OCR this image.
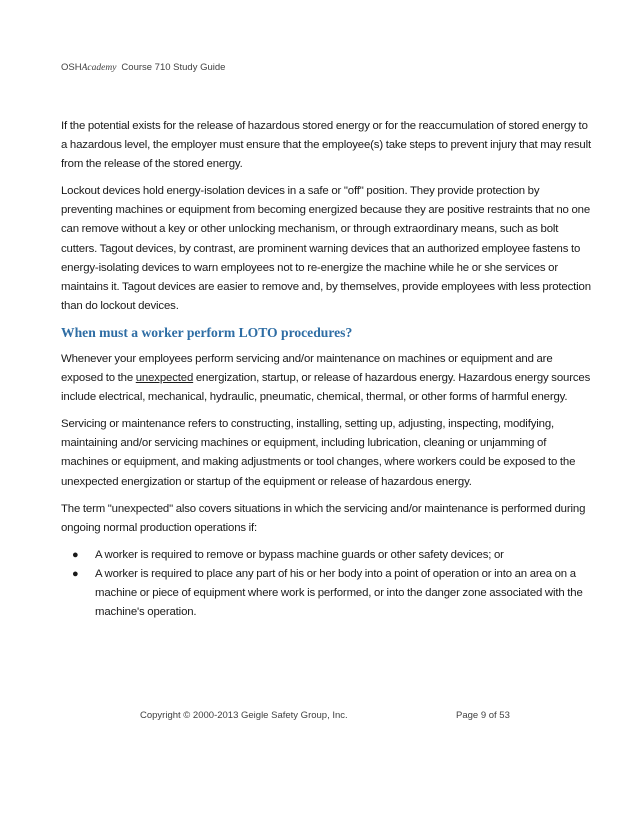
OSHAcademy Course 710 Study Guide

If the potential exists for the release of hazardous stored energy or for the reaccumulation of stored energy to a hazardous level, the employer must ensure that the employee(s) take steps to prevent injury that may result from the release of the stored energy.

Lockout devices hold energy-isolation devices in a safe or "off" position. They provide protection by preventing machines or equipment from becoming energized because they are positive restraints that no one can remove without a key or other unlocking mechanism, or through extraordinary means, such as bolt cutters. Tagout devices, by contrast, are prominent warning devices that an authorized employee fastens to energy-isolating devices to warn employees not to re-energize the machine while he or she services or maintains it. Tagout devices are easier to remove and, by themselves, provide employees with less protection than do lockout devices.

When must a worker perform LOTO procedures?

Whenever your employees perform servicing and/or maintenance on machines or equipment and are exposed to the unexpected energization, startup, or release of hazardous energy. Hazardous energy sources include electrical, mechanical, hydraulic, pneumatic, chemical, thermal, or other forms of harmful energy.

Servicing or maintenance refers to constructing, installing, setting up, adjusting, inspecting, modifying, maintaining and/or servicing machines or equipment, including lubrication, cleaning or unjamming of machines or equipment, and making adjustments or tool changes, where workers could be exposed to the unexpected energization or startup of the equipment or release of hazardous energy.

The term "unexpected" also covers situations in which the servicing and/or maintenance is performed during ongoing normal production operations if:

● A worker is required to remove or bypass machine guards or other safety devices; or
● A worker is required to place any part of his or her body into a point of operation or into an area on a machine or piece of equipment where work is performed, or into the danger zone associated with the machine's operation.
Copyright © 2000-2013 Geigle Safety Group, Inc.	Page 9 of 53
